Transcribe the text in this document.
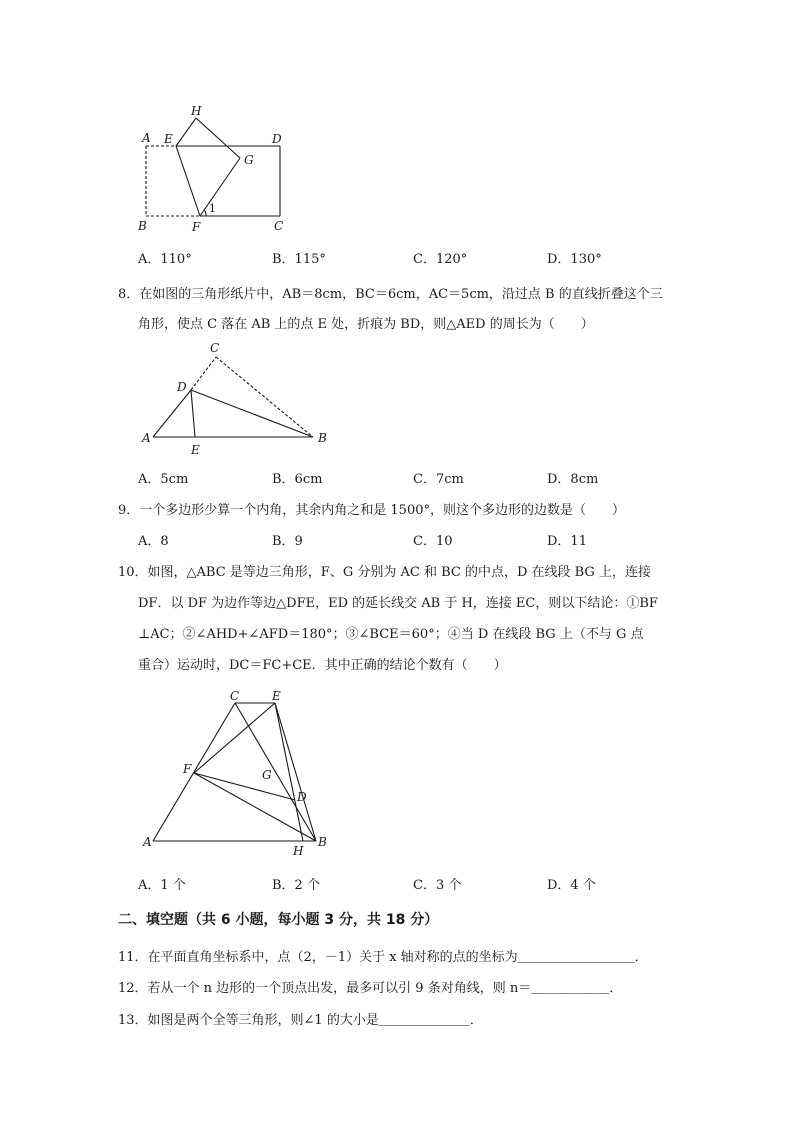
H
A E	D
G
1
B	F	C
A．110°	B．115°	C．120°	D．130°
8．在如图的三角形纸片中，AB＝8cm，BC＝6cm，AC＝5cm，沿过点 B 的直线折叠这个三
角形，使点 C 落在 AB 上的点 E 处，折痕为 BD，则△AED 的周长为（　　）
C
D
A
E
B
A．5cm	B．6cm	C．7cm	D．8cm
9．一个多边形少算一个内角，其余内角之和是 1500°，则这个多边形的边数是（　　）
A．8	B．9	C．10	D．11
10．如图，△ABC 是等边三角形，F、G 分别为 AC 和 BC 的中点，D 在线段 BG 上，连接
DF．以 DF 为边作等边△DFE，ED 的延长线交 AB 于 H，连接 EC，则以下结论：①BF
⊥AC；②∠AHD+∠AFD＝180°；③∠BCE＝60°；④当 D 在线段 BG 上（不与 G 点
重合）运动时，DC＝FC+CE．其中正确的结论个数有（　　）
C	E
F	G
D
A
H
B
A．1 个	B．2 个	C．3 个	D．4 个
二、填空题（共 6 小题，每小题 3 分，共 18 分）
11．在平面直角坐标系中，点（2，－1）关于 x 轴对称的点的坐标为＿＿＿＿＿＿＿＿＿．
12．若从一个 n 边形的一个顶点出发，最多可以引 9 条对角线，则 n＝＿＿＿＿＿＿．
13．如图是两个全等三角形，则∠1 的大小是＿＿＿＿＿＿＿．
